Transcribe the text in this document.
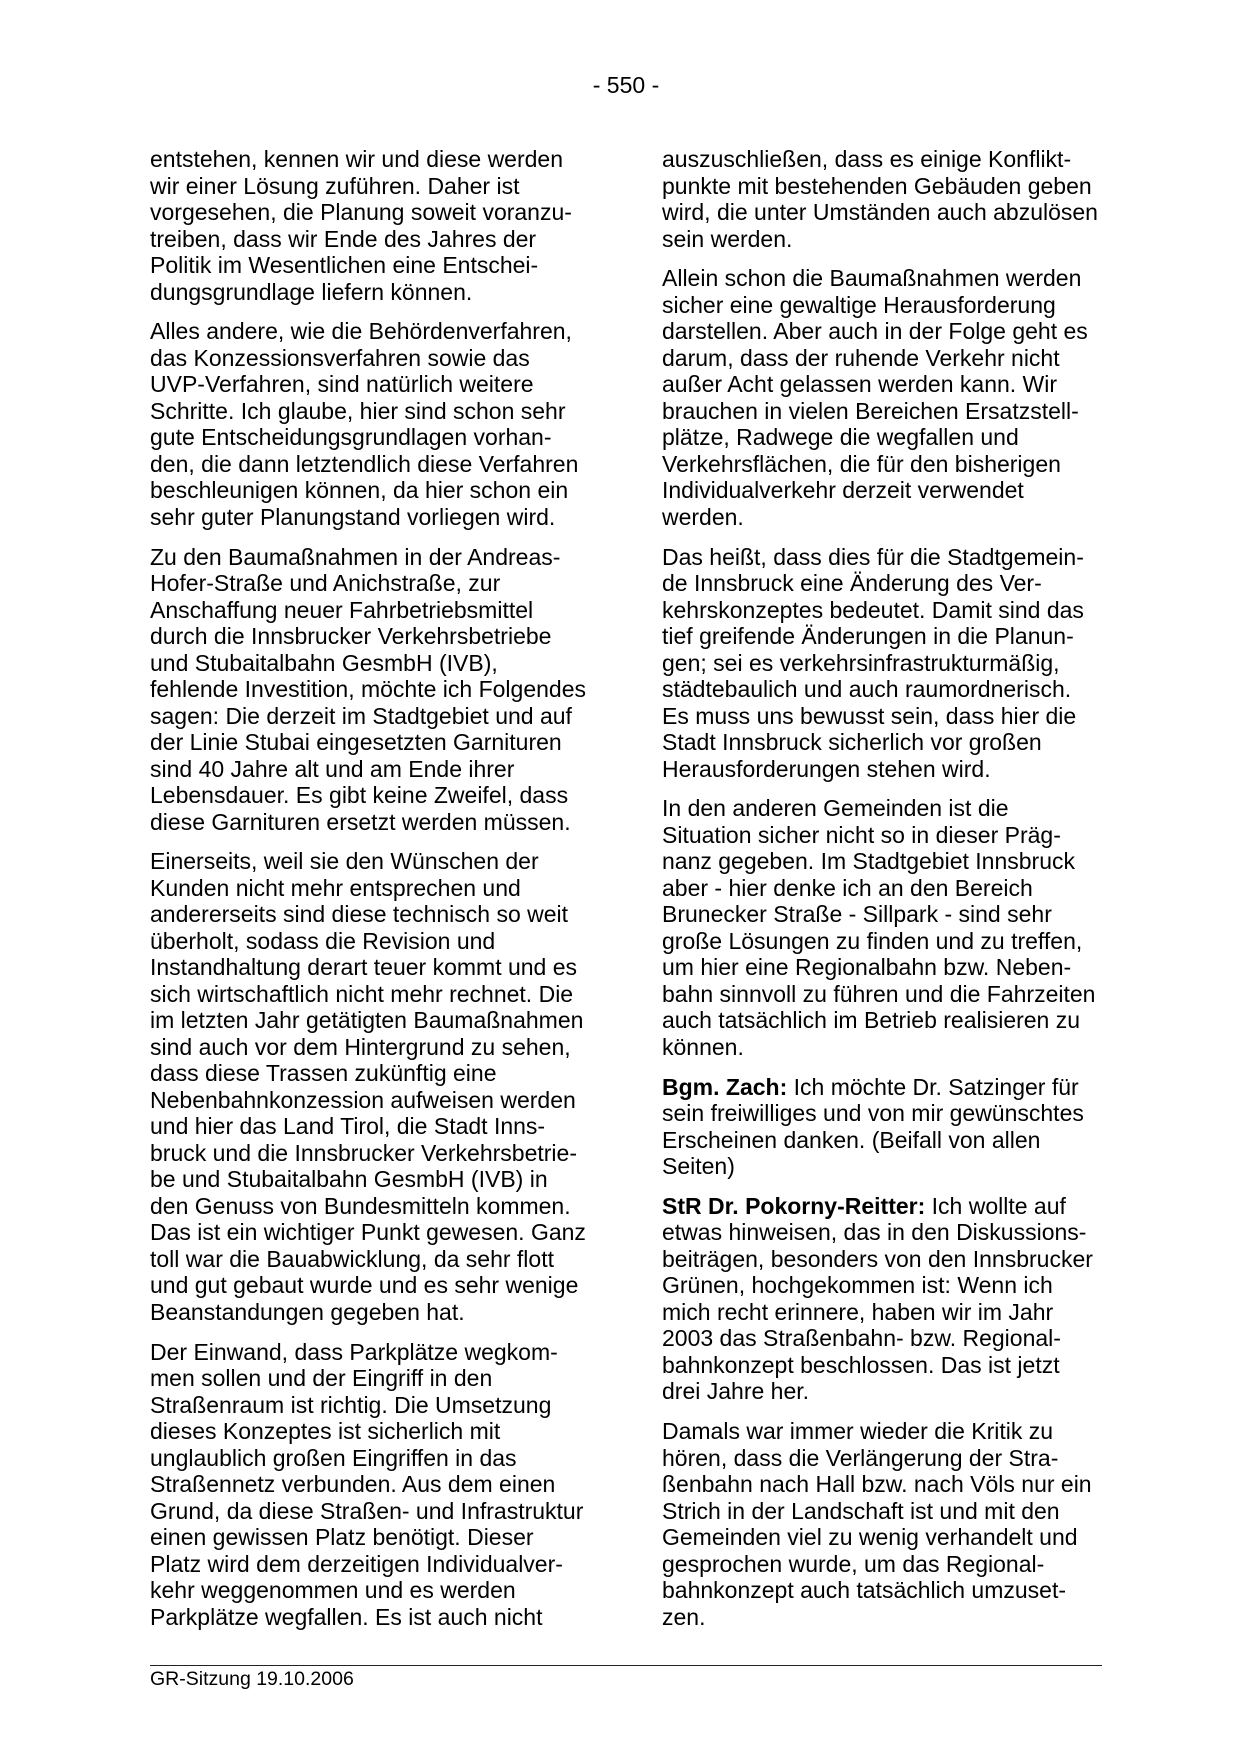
- 550 -

entstehen, kennen wir und diese werden
wir einer Lösung zuführen. Daher ist
vorgesehen, die Planung soweit voranzu-
treiben, dass wir Ende des Jahres der
Politik im Wesentlichen eine Entschei-
dungsgrundlage liefern können.

Alles andere, wie die Behördenverfahren,
das Konzessionsverfahren sowie das
UVP-Verfahren, sind natürlich weitere
Schritte. Ich glaube, hier sind schon sehr
gute Entscheidungsgrundlagen vorhan-
den, die dann letztendlich diese Verfahren
beschleunigen können, da hier schon ein
sehr guter Planungstand vorliegen wird.

Zu den Baumaßnahmen in der Andreas-
Hofer-Straße und Anichstraße, zur
Anschaffung neuer Fahrbetriebsmittel
durch die Innsbrucker Verkehrsbetriebe
und Stubaitalbahn GesmbH (IVB),
fehlende Investition, möchte ich Folgendes
sagen: Die derzeit im Stadtgebiet und auf
der Linie Stubai eingesetzten Garnituren
sind 40 Jahre alt und am Ende ihrer
Lebensdauer. Es gibt keine Zweifel, dass
diese Garnituren ersetzt werden müssen.

Einerseits, weil sie den Wünschen der
Kunden nicht mehr entsprechen und
andererseits sind diese technisch so weit
überholt, sodass die Revision und
Instandhaltung derart teuer kommt und es
sich wirtschaftlich nicht mehr rechnet. Die
im letzten Jahr getätigten Baumaßnahmen
sind auch vor dem Hintergrund zu sehen,
dass diese Trassen zukünftig eine
Nebenbahnkonzession aufweisen werden
und hier das Land Tirol, die Stadt Inns-
bruck und die Innsbrucker Verkehrsbetrie-
be und Stubaitalbahn GesmbH (IVB) in
den Genuss von Bundesmitteln kommen.
Das ist ein wichtiger Punkt gewesen. Ganz
toll war die Bauabwicklung, da sehr flott
und gut gebaut wurde und es sehr wenige
Beanstandungen gegeben hat.

Der Einwand, dass Parkplätze wegkom-
men sollen und der Eingriff in den
Straßenraum ist richtig. Die Umsetzung
dieses Konzeptes ist sicherlich mit
unglaublich großen Eingriffen in das
Straßennetz verbunden. Aus dem einen
Grund, da diese Straßen- und Infrastruktur
einen gewissen Platz benötigt. Dieser
Platz wird dem derzeitigen Individualver-
kehr weggenommen und es werden
Parkplätze wegfallen. Es ist auch nicht

auszuschließen, dass es einige Konflikt-
punkte mit bestehenden Gebäuden geben
wird, die unter Umständen auch abzulösen
sein werden.

Allein schon die Baumaßnahmen werden
sicher eine gewaltige Herausforderung
darstellen. Aber auch in der Folge geht es
darum, dass der ruhende Verkehr nicht
außer Acht gelassen werden kann. Wir
brauchen in vielen Bereichen Ersatzstell-
plätze, Radwege die wegfallen und
Verkehrsflächen, die für den bisherigen
Individualverkehr derzeit verwendet
werden.

Das heißt, dass dies für die Stadtgemein-
de Innsbruck eine Änderung des Ver-
kehrskonzeptes bedeutet. Damit sind das
tief greifende Änderungen in die Planun-
gen; sei es verkehrsinfrastrukturmäßig,
städtebaulich und auch raumordnerisch.
Es muss uns bewusst sein, dass hier die
Stadt Innsbruck sicherlich vor großen
Herausforderungen stehen wird.

In den anderen Gemeinden ist die
Situation sicher nicht so in dieser Präg-
nanz gegeben. Im Stadtgebiet Innsbruck
aber - hier denke ich an den Bereich
Brunecker Straße - Sillpark - sind sehr
große Lösungen zu finden und zu treffen,
um hier eine Regionalbahn bzw. Neben-
bahn sinnvoll zu führen und die Fahrzeiten
auch tatsächlich im Betrieb realisieren zu
können.

Bgm. Zach: Ich möchte Dr. Satzinger für
sein freiwilliges und von mir gewünschtes
Erscheinen danken. (Beifall von allen
Seiten)

StR Dr. Pokorny-Reitter: Ich wollte auf
etwas hinweisen, das in den Diskussions-
beiträgen, besonders von den Innsbrucker
Grünen, hochgekommen ist: Wenn ich
mich recht erinnere, haben wir im Jahr
2003 das Straßenbahn- bzw. Regional-
bahnkonzept beschlossen. Das ist jetzt
drei Jahre her.

Damals war immer wieder die Kritik zu
hören, dass die Verlängerung der Stra-
ßenbahn nach Hall bzw. nach Völs nur ein
Strich in der Landschaft ist und mit den
Gemeinden viel zu wenig verhandelt und
gesprochen wurde, um das Regional-
bahnkonzept auch tatsächlich umzuset-
zen.

GR-Sitzung 19.10.2006
